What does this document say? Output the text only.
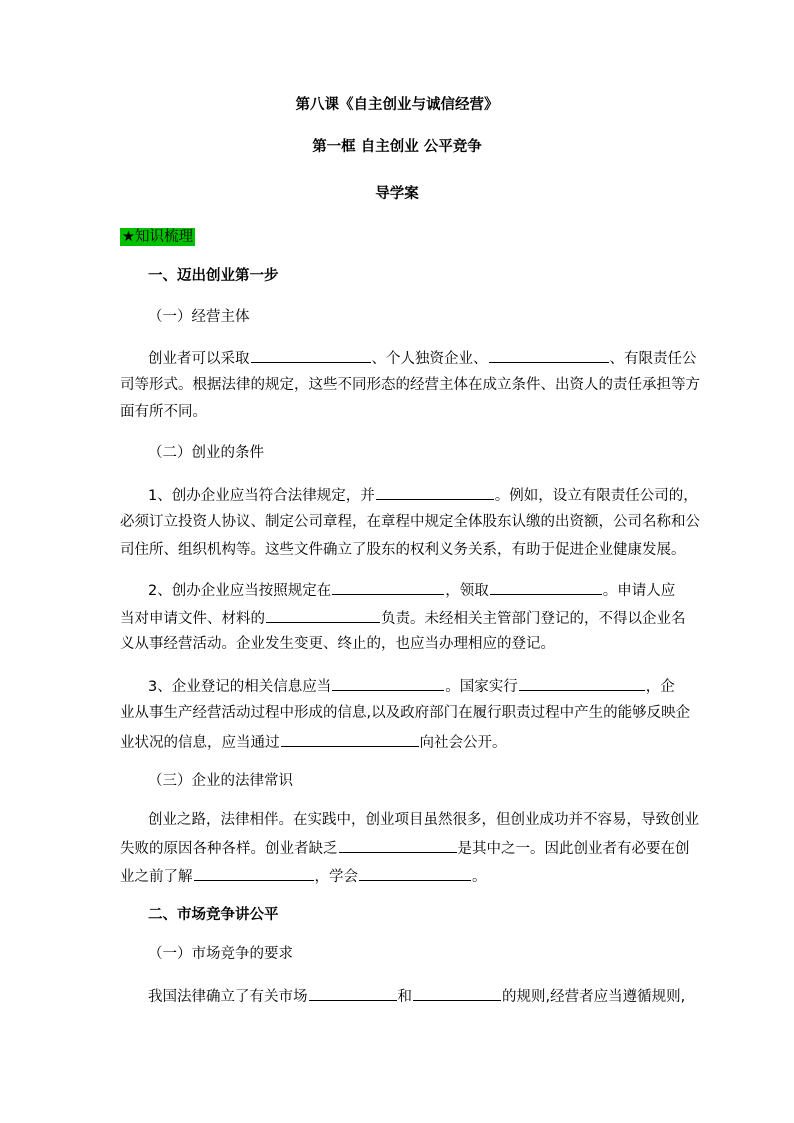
第八课《自主创业与诚信经营》
第一框 自主创业 公平竞争
导学案
★知识梳理
一、迈出创业第一步
（一）经营主体
创业者可以采取	、个人独资企业、	、有限责任公
司等形式。根据法律的规定，这些不同形态的经营主体在成立条件、出资人的责任承担等方
面有所不同。
（二）创业的条件
1、创办企业应当符合法律规定，并	。例如，设立有限责任公司的，
必须订立投资人协议、制定公司章程，在章程中规定全体股东认缴的出资额，公司名称和公
司住所、组织机构等。这些文件确立了股东的权利义务关系，有助于促进企业健康发展。
2、创办企业应当按照规定在	，领取	。申请人应
当对申请文件、材料的	负责。未经相关主管部门登记的，不得以企业名
义从事经营活动。企业发生变更、终止的，也应当办理相应的登记。
3、企业登记的相关信息应当	。国家实行	，企
业从事生产经营活动过程中形成的信息,以及政府部门在履行职责过程中产生的能够反映企
业状况的信息，应当通过	向社会公开。
（三）企业的法律常识
创业之路，法律相伴。在实践中，创业项目虽然很多，但创业成功并不容易，导致创业
失败的原因各种各样。创业者缺乏	是其中之一。因此创业者有必要在创
业之前了解	，学会	。
二、市场竞争讲公平
（一）市场竞争的要求
我国法律确立了有关市场	和	的规则,经营者应当遵循规则,
